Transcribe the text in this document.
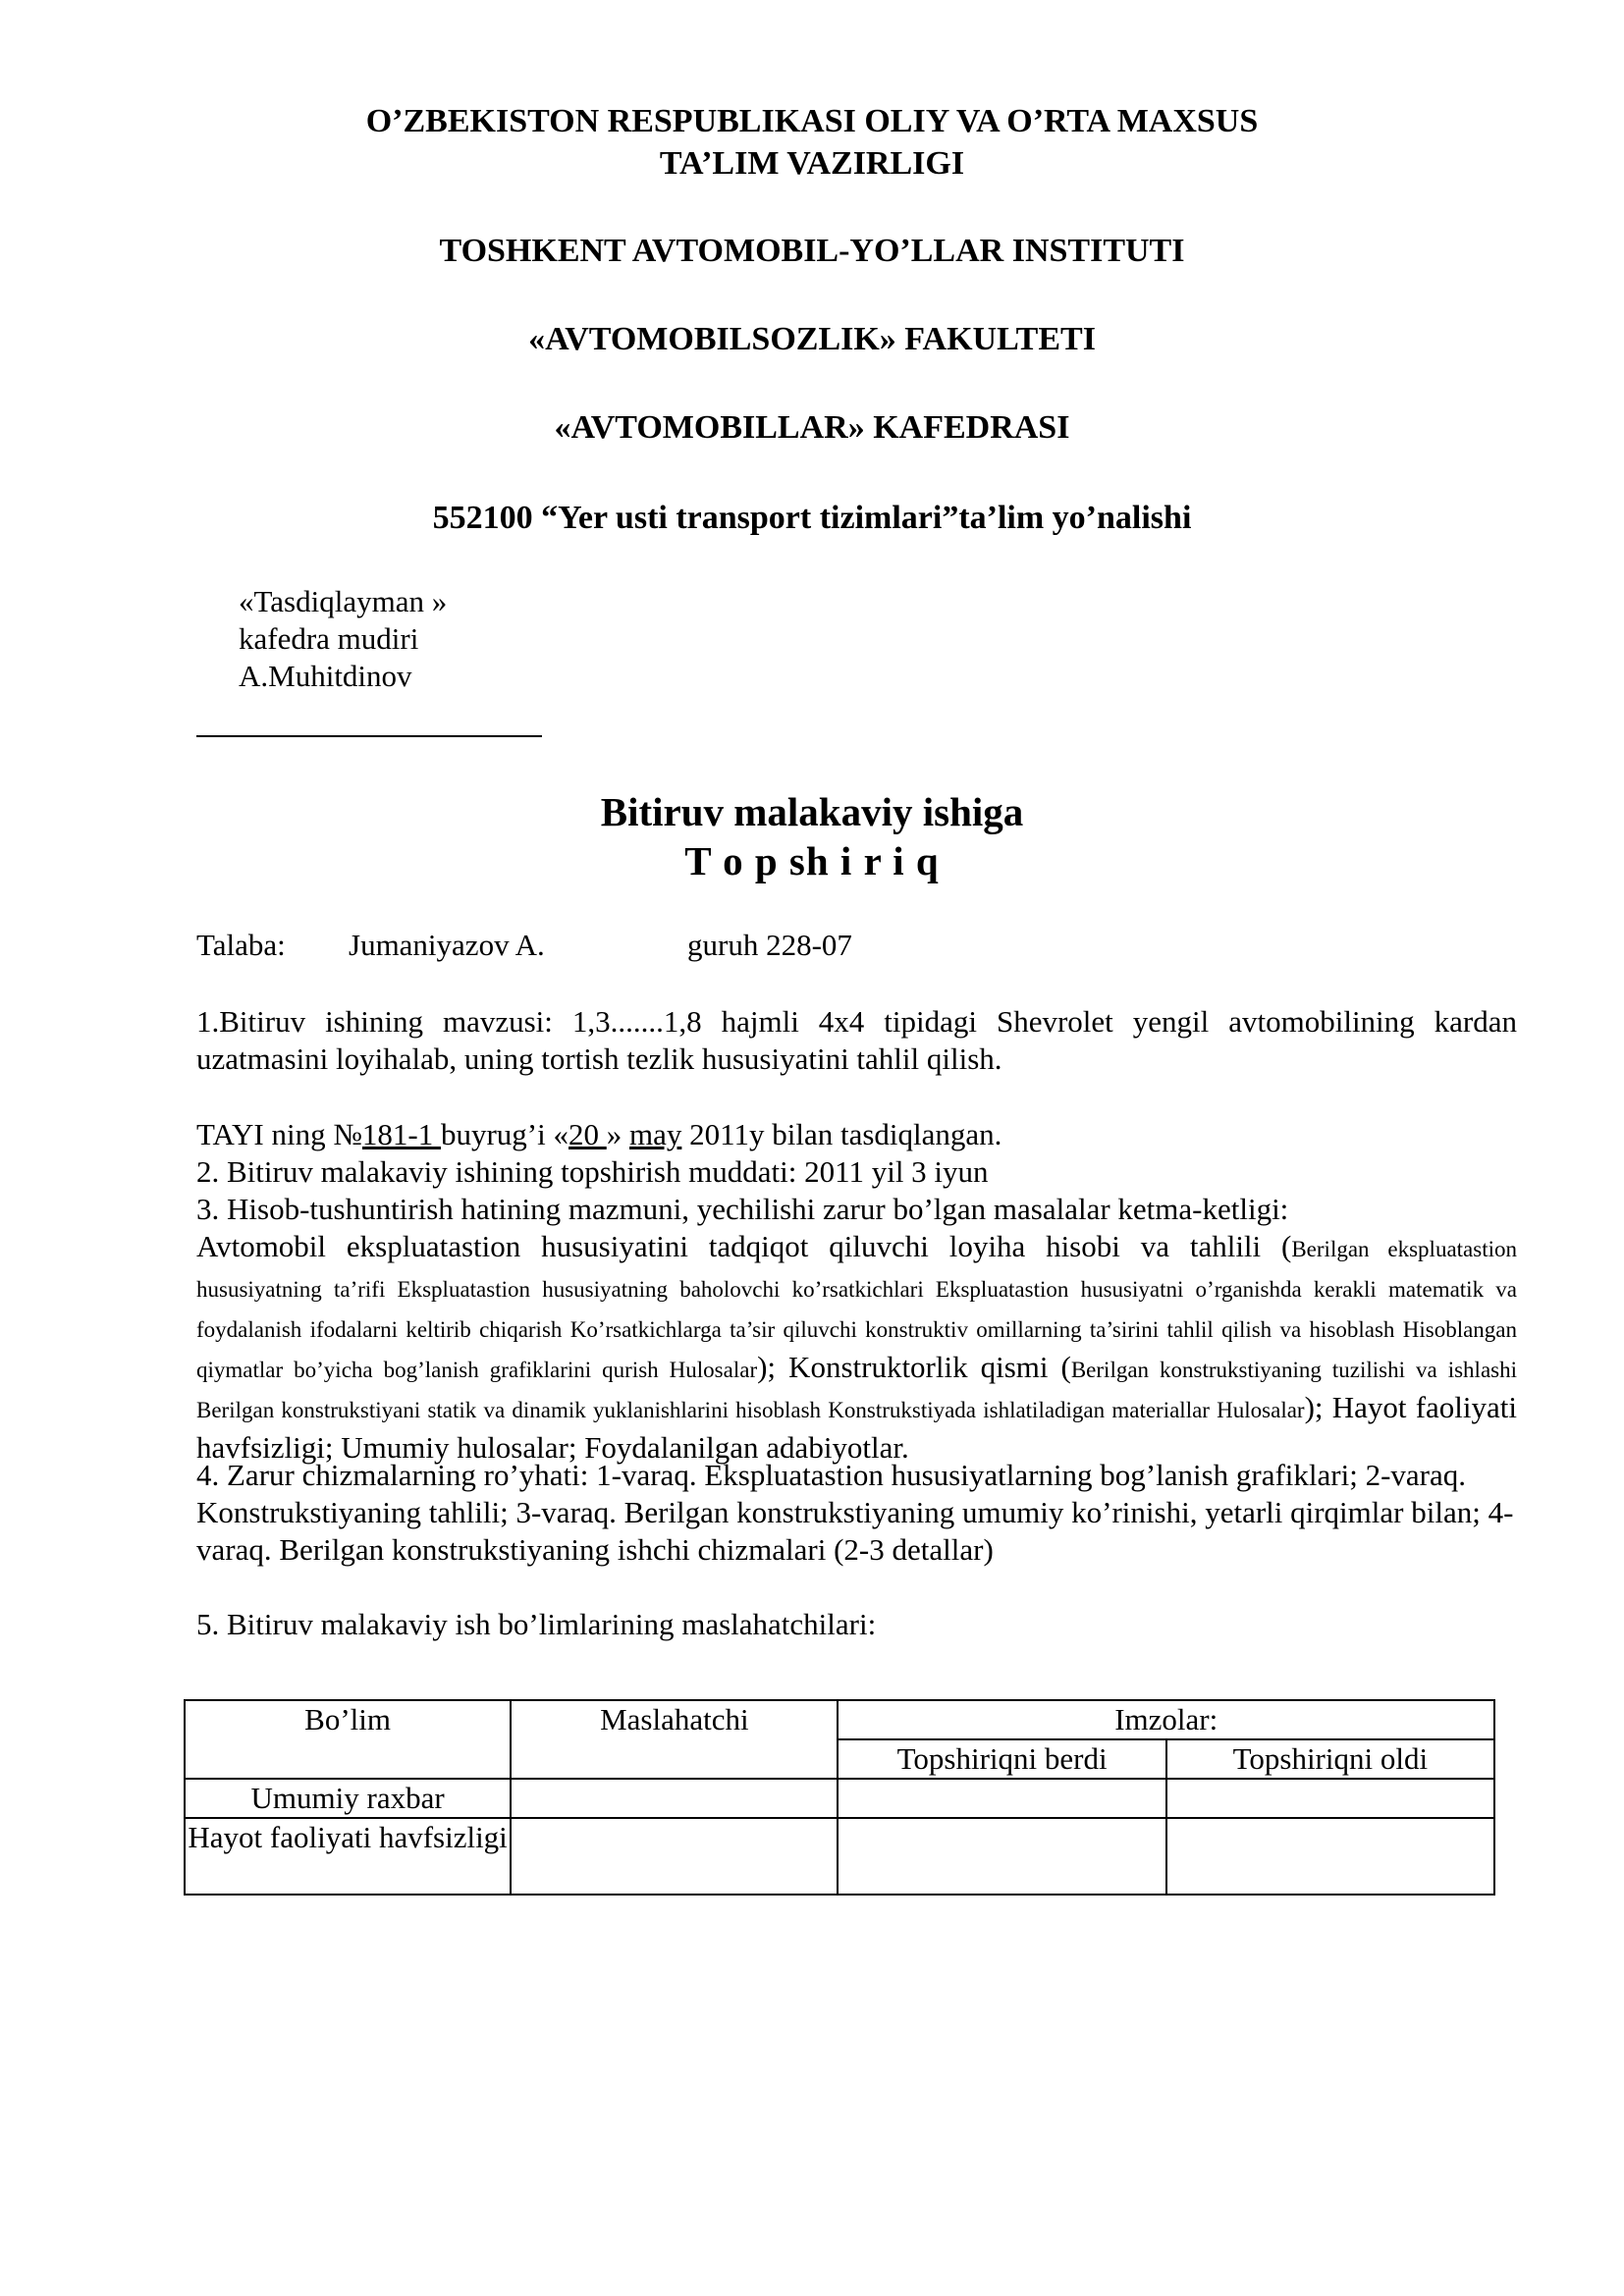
O’ZBEKISTON RESPUBLIKASI OLIY VA O’RTA MAXSUS
TA’LIM VAZIRLIGI
TOSHKENT AVTOMOBIL-YO’LLAR INSTITUTI
«AVTOMOBILSOZLIK» FAKULTETI
«AVTOMOBILLAR» KAFEDRASI
552100 “Yer usti transport tizimlari”ta’lim yo’nalishi
«Tasdiqlayman »
kafedra mudiri
A.Muhitdinov
Bitiruv malakaviy ishiga
T o p sh i r i q
Talaba: Jumaniyazov A.	guruh 228-07
1.Bitiruv ishining mavzusi: 1,3.......1,8 hajmli 4x4 tipidagi Shevrolet yengil avtomobilining kardan uzatmasini loyihalab, uning tortish tezlik hususiyatini tahlil qilish.
TAYI ning №181-1 buyrug’i «20 » may 2011y bilan tasdiqlangan.
2. Bitiruv malakaviy ishining topshirish muddati: 2011 yil 3 iyun
3. Hisob-tushuntirish hatining mazmuni, yechilishi zarur bo’lgan masalalar ketma-ketligi:
Avtomobil ekspluatastion hususiyatini tadqiqot qiluvchi loyiha hisobi va tahlili (Berilgan ekspluatastion hususiyatning ta’rifi Ekspluatastion hususiyatning baholovchi ko’rsatkichlari Ekspluatastion hususiyatni o’rganishda kerakli matematik va foydalanish ifodalarni keltirib chiqarish Ko’rsatkichlarga ta’sir qiluvchi konstruktiv omillarning ta’sirini tahlil qilish va hisoblash Hisoblangan qiymatlar bo’yicha bog’lanish grafiklarini qurish Hulosalar); Konstruktorlik qismi (Berilgan konstrukstiyaning tuzilishi va ishlashi Berilgan konstrukstiyani statik va dinamik yuklanishlarini hisoblash Konstrukstiyada ishlatiladigan materiallar Hulosalar); Hayot faoliyati havfsizligi; Umumiy hulosalar; Foydalanilgan adabiyotlar.
4. Zarur chizmalarning ro’yhati: 1-varaq. Ekspluatastion hususiyatlarning bog’lanish grafiklari; 2-varaq. Konstrukstiyaning tahlili; 3-varaq. Berilgan konstrukstiyaning umumiy ko’rinishi, yetarli qirqimlar bilan; 4-varaq. Berilgan konstrukstiyaning ishchi chizmalari (2-3 detallar)
5. Bitiruv malakaviy ish bo’limlarining maslahatchilari:
Bo’lim	Maslahatchi	Imzolar:	
		Topshiriqni berdi	Topshiriqni oldi
Umumiy raxbar			
Hayot faoliyati havfsizligi			
